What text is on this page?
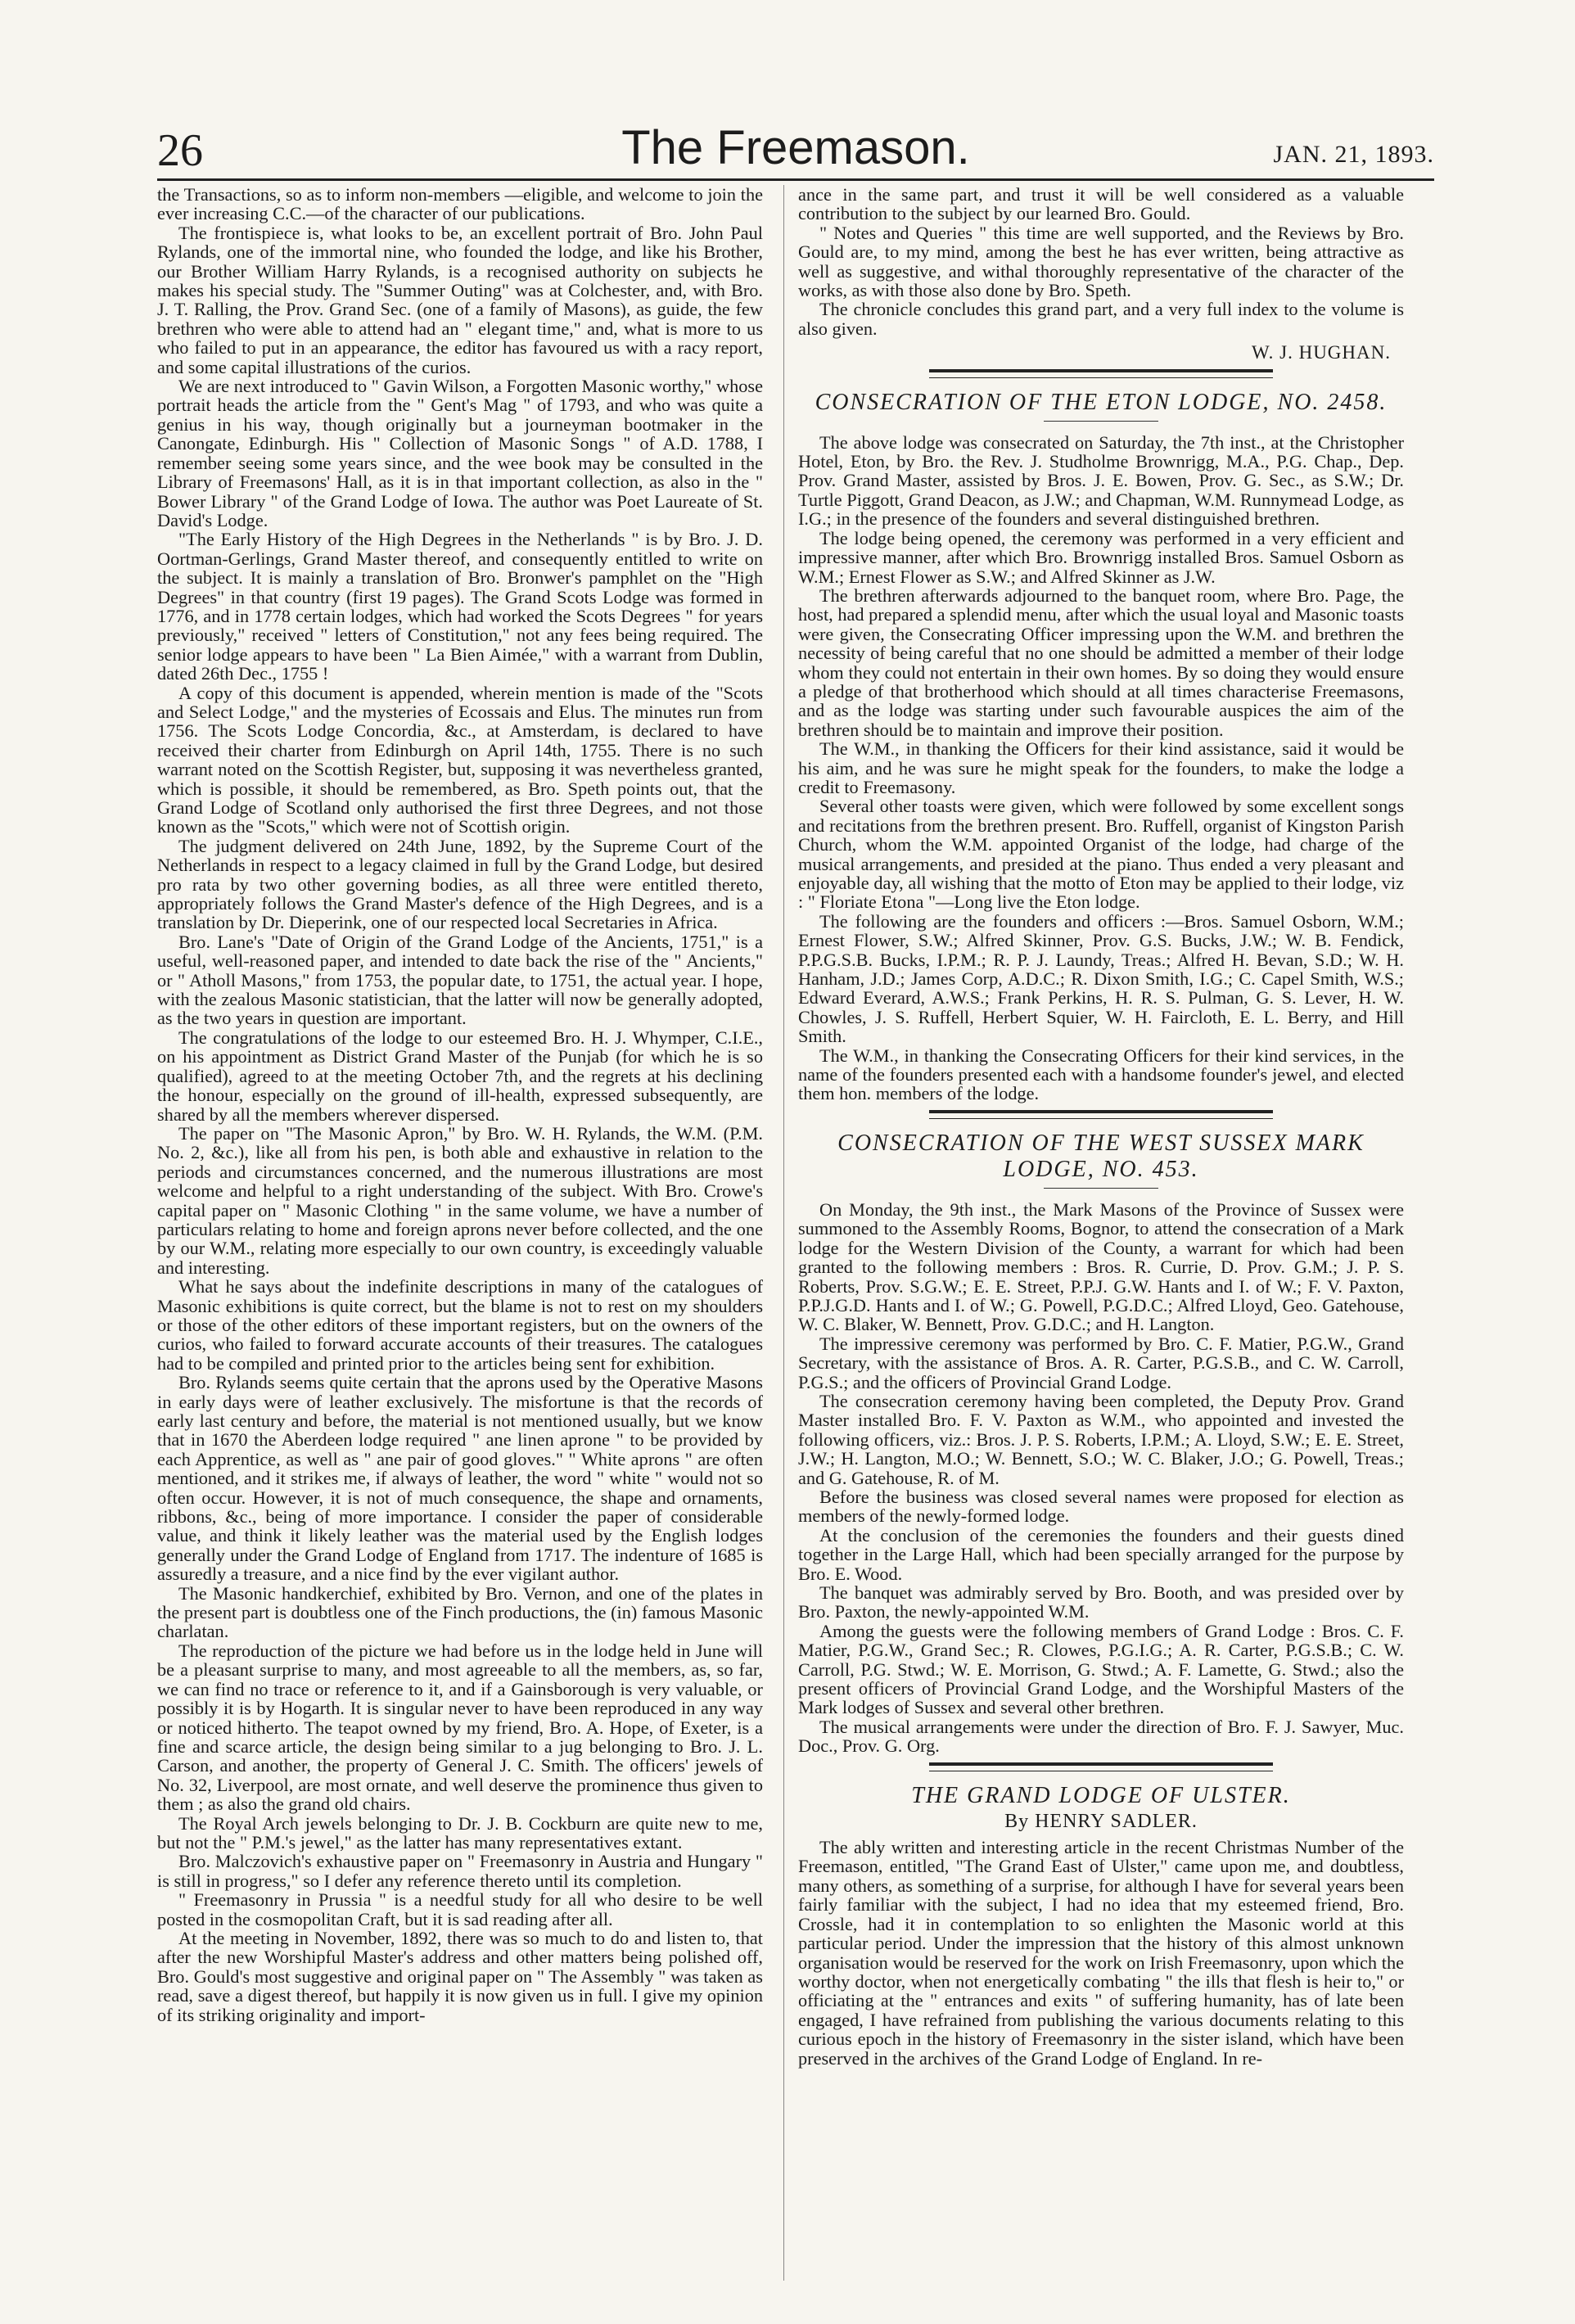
26	The Freemason.	JAN. 21, 1893.

the Transactions, so as to inform non-members —eligible, and welcome to join the ever increasing C.C.—of the character of our publications.

The frontispiece is, what looks to be, an excellent portrait of Bro. John Paul Rylands, one of the immortal nine, who founded the lodge, and like his Brother, our Brother William Harry Rylands, is a recognised authority on subjects he makes his special study. The "Summer Outing" was at Colchester, and, with Bro. J. T. Ralling, the Prov. Grand Sec. (one of a family of Masons), as guide, the few brethren who were able to attend had an " elegant time," and, what is more to us who failed to put in an appearance, the editor has favoured us with a racy report, and some capital illustrations of the curios.

We are next introduced to " Gavin Wilson, a Forgotten Masonic worthy," whose portrait heads the article from the " Gent's Mag " of 1793, and who was quite a genius in his way, though originally but a journeyman bootmaker in the Canongate, Edinburgh. His " Collection of Masonic Songs " of A.D. 1788, I remember seeing some years since, and the wee book may be consulted in the Library of Freemasons' Hall, as it is in that important collection, as also in the " Bower Library " of the Grand Lodge of Iowa. The author was Poet Laureate of St. David's Lodge.

"The Early History of the High Degrees in the Netherlands " is by Bro. J. D. Oortman-Gerlings, Grand Master thereof, and consequently entitled to write on the subject. It is mainly a translation of Bro. Bronwer's pamphlet on the "High Degrees" in that country (first 19 pages). The Grand Scots Lodge was formed in 1776, and in 1778 certain lodges, which had worked the Scots Degrees " for years previously," received " letters of Constitution," not any fees being required. The senior lodge appears to have been " La Bien Aimée," with a warrant from Dublin, dated 26th Dec., 1755 !

A copy of this document is appended, wherein mention is made of the "Scots and Select Lodge," and the mysteries of Ecossais and Elus. The minutes run from 1756. The Scots Lodge Concordia, &c., at Amsterdam, is declared to have received their charter from Edinburgh on April 14th, 1755. There is no such warrant noted on the Scottish Register, but, supposing it was nevertheless granted, which is possible, it should be remembered, as Bro. Speth points out, that the Grand Lodge of Scotland only authorised the first three Degrees, and not those known as the "Scots," which were not of Scottish origin.

The judgment delivered on 24th June, 1892, by the Supreme Court of the Netherlands in respect to a legacy claimed in full by the Grand Lodge, but desired pro rata by two other governing bodies, as all three were entitled thereto, appropriately follows the Grand Master's defence of the High Degrees, and is a translation by Dr. Dieperink, one of our respected local Secretaries in Africa.

Bro. Lane's "Date of Origin of the Grand Lodge of the Ancients, 1751," is a useful, well-reasoned paper, and intended to date back the rise of the " Ancients," or " Atholl Masons," from 1753, the popular date, to 1751, the actual year. I hope, with the zealous Masonic statistician, that the latter will now be generally adopted, as the two years in question are important.

The congratulations of the lodge to our esteemed Bro. H. J. Whymper, C.I.E., on his appointment as District Grand Master of the Punjab (for which he is so qualified), agreed to at the meeting October 7th, and the regrets at his declining the honour, especially on the ground of ill-health, expressed subsequently, are shared by all the members wherever dispersed.

The paper on "The Masonic Apron," by Bro. W. H. Rylands, the W.M. (P.M. No. 2, &c.), like all from his pen, is both able and exhaustive in relation to the periods and circumstances concerned, and the numerous illustrations are most welcome and helpful to a right understanding of the subject. With Bro. Crowe's capital paper on " Masonic Clothing " in the same volume, we have a number of particulars relating to home and foreign aprons never before collected, and the one by our W.M., relating more especially to our own country, is exceedingly valuable and interesting.

What he says about the indefinite descriptions in many of the catalogues of Masonic exhibitions is quite correct, but the blame is not to rest on my shoulders or those of the other editors of these important registers, but on the owners of the curios, who failed to forward accurate accounts of their treasures. The catalogues had to be compiled and printed prior to the articles being sent for exhibition.

Bro. Rylands seems quite certain that the aprons used by the Operative Masons in early days were of leather exclusively. The misfortune is that the records of early last century and before, the material is not mentioned usually, but we know that in 1670 the Aberdeen lodge required " ane linen aprone " to be provided by each Apprentice, as well as " ane pair of good gloves." " White aprons " are often mentioned, and it strikes me, if always of leather, the word " white " would not so often occur. However, it is not of much consequence, the shape and ornaments, ribbons, &c., being of more importance. I consider the paper of considerable value, and think it likely leather was the material used by the English lodges generally under the Grand Lodge of England from 1717. The indenture of 1685 is assuredly a treasure, and a nice find by the ever vigilant author.

The Masonic handkerchief, exhibited by Bro. Vernon, and one of the plates in the present part is doubtless one of the Finch productions, the (in) famous Masonic charlatan.

The reproduction of the picture we had before us in the lodge held in June will be a pleasant surprise to many, and most agreeable to all the members, as, so far, we can find no trace or reference to it, and if a Gainsborough is very valuable, or possibly it is by Hogarth. It is singular never to have been reproduced in any way or noticed hitherto. The teapot owned by my friend, Bro. A. Hope, of Exeter, is a fine and scarce article, the design being similar to a jug belonging to Bro. J. L. Carson, and another, the property of General J. C. Smith. The officers' jewels of No. 32, Liverpool, are most ornate, and well deserve the prominence thus given to them ; as also the grand old chairs.

The Royal Arch jewels belonging to Dr. J. B. Cockburn are quite new to me, but not the " P.M.'s jewel," as the latter has many representatives extant.

Bro. Malczovich's exhaustive paper on " Freemasonry in Austria and Hungary " is still in progress," so I defer any reference thereto until its completion.

" Freemasonry in Prussia " is a needful study for all who desire to be well posted in the cosmopolitan Craft, but it is sad reading after all.

At the meeting in November, 1892, there was so much to do and listen to, that after the new Worshipful Master's address and other matters being polished off, Bro. Gould's most suggestive and original paper on " The Assembly " was taken as read, save a digest thereof, but happily it is now given us in full. I give my opinion of its striking originality and import-

ance in the same part, and trust it will be well considered as a valuable contribution to the subject by our learned Bro. Gould.

" Notes and Queries " this time are well supported, and the Reviews by Bro. Gould are, to my mind, among the best he has ever written, being attractive as well as suggestive, and withal thoroughly representative of the character of the works, as with those also done by Bro. Speth.

The chronicle concludes this grand part, and a very full index to the volume is also given.

W. J. HUGHAN.
CONSECRATION OF THE ETON LODGE, NO. 2458.

The above lodge was consecrated on Saturday, the 7th inst., at the Christopher Hotel, Eton, by Bro. the Rev. J. Studholme Brownrigg, M.A., P.G. Chap., Dep. Prov. Grand Master, assisted by Bros. J. E. Bowen, Prov. G. Sec., as S.W.; Dr. Turtle Piggott, Grand Deacon, as J.W.; and Chapman, W.M. Runnymead Lodge, as I.G.; in the presence of the founders and several distinguished brethren.

The lodge being opened, the ceremony was performed in a very efficient and impressive manner, after which Bro. Brownrigg installed Bros. Samuel Osborn as W.M.; Ernest Flower as S.W.; and Alfred Skinner as J.W.

The brethren afterwards adjourned to the banquet room, where Bro. Page, the host, had prepared a splendid menu, after which the usual loyal and Masonic toasts were given, the Consecrating Officer impressing upon the W.M. and brethren the necessity of being careful that no one should be admitted a member of their lodge whom they could not entertain in their own homes. By so doing they would ensure a pledge of that brotherhood which should at all times characterise Freemasons, and as the lodge was starting under such favourable auspices the aim of the brethren should be to maintain and improve their position.

The W.M., in thanking the Officers for their kind assistance, said it would be his aim, and he was sure he might speak for the founders, to make the lodge a credit to Freemasony.

Several other toasts were given, which were followed by some excellent songs and recitations from the brethren present. Bro. Ruffell, organist of Kingston Parish Church, whom the W.M. appointed Organist of the lodge, had charge of the musical arrangements, and presided at the piano. Thus ended a very pleasant and enjoyable day, all wishing that the motto of Eton may be applied to their lodge, viz : " Floriate Etona "—Long live the Eton lodge.

The following are the founders and officers :—Bros. Samuel Osborn, W.M.; Ernest Flower, S.W.; Alfred Skinner, Prov. G.S. Bucks, J.W.; W. B. Fendick, P.P.G.S.B. Bucks, I.P.M.; R. P. J. Laundy, Treas.; Alfred H. Bevan, S.D.; W. H. Hanham, J.D.; James Corp, A.D.C.; R. Dixon Smith, I.G.; C. Capel Smith, W.S.; Edward Everard, A.W.S.; Frank Perkins, H. R. S. Pulman, G. S. Lever, H. W. Chowles, J. S. Ruffell, Herbert Squier, W. H. Faircloth, E. L. Berry, and Hill Smith.

The W.M., in thanking the Consecrating Officers for their kind services, in the name of the founders presented each with a handsome founder's jewel, and elected them hon. members of the lodge.

CONSECRATION OF THE WEST SUSSEX MARK LODGE, NO. 453.

On Monday, the 9th inst., the Mark Masons of the Province of Sussex were summoned to the Assembly Rooms, Bognor, to attend the consecration of a Mark lodge for the Western Division of the County, a warrant for which had been granted to the following members : Bros. R. Currie, D. Prov. G.M.; J. P. S. Roberts, Prov. S.G.W.; E. E. Street, P.P.J. G.W. Hants and I. of W.; F. V. Paxton, P.P.J.G.D. Hants and I. of W.; G. Powell, P.G.D.C.; Alfred Lloyd, Geo. Gatehouse, W. C. Blaker, W. Bennett, Prov. G.D.C.; and H. Langton.

The impressive ceremony was performed by Bro. C. F. Matier, P.G.W., Grand Secretary, with the assistance of Bros. A. R. Carter, P.G.S.B., and C. W. Carroll, P.G.S.; and the officers of Provincial Grand Lodge.

The consecration ceremony having been completed, the Deputy Prov. Grand Master installed Bro. F. V. Paxton as W.M., who appointed and invested the following officers, viz.: Bros. J. P. S. Roberts, I.P.M.; A. Lloyd, S.W.; E. E. Street, J.W.; H. Langton, M.O.; W. Bennett, S.O.; W. C. Blaker, J.O.; G. Powell, Treas.; and G. Gatehouse, R. of M.

Before the business was closed several names were proposed for election as members of the newly-formed lodge.

At the conclusion of the ceremonies the founders and their guests dined together in the Large Hall, which had been specially arranged for the purpose by Bro. E. Wood.

The banquet was admirably served by Bro. Booth, and was presided over by Bro. Paxton, the newly-appointed W.M.

Among the guests were the following members of Grand Lodge : Bros. C. F. Matier, P.G.W., Grand Sec.; R. Clowes, P.G.I.G.; A. R. Carter, P.G.S.B.; C. W. Carroll, P.G. Stwd.; W. E. Morrison, G. Stwd.; A. F. Lamette, G. Stwd.; also the present officers of Provincial Grand Lodge, and the Worshipful Masters of the Mark lodges of Sussex and several other brethren.

The musical arrangements were under the direction of Bro. F. J. Sawyer, Muc. Doc., Prov. G. Org.

THE GRAND LODGE OF ULSTER.
By HENRY SADLER.

The ably written and interesting article in the recent Christmas Number of the Freemason, entitled, "The Grand East of Ulster," came upon me, and doubtless, many others, as something of a surprise, for although I have for several years been fairly familiar with the subject, I had no idea that my esteemed friend, Bro. Crossle, had it in contemplation to so enlighten the Masonic world at this particular period. Under the impression that the history of this almost unknown organisation would be reserved for the work on Irish Freemasonry, upon which the worthy doctor, when not energetically combating " the ills that flesh is heir to," or officiating at the " entrances and exits " of suffering humanity, has of late been engaged, I have refrained from publishing the various documents relating to this curious epoch in the history of Freemasonry in the sister island, which have been preserved in the archives of the Grand Lodge of England. In re-
